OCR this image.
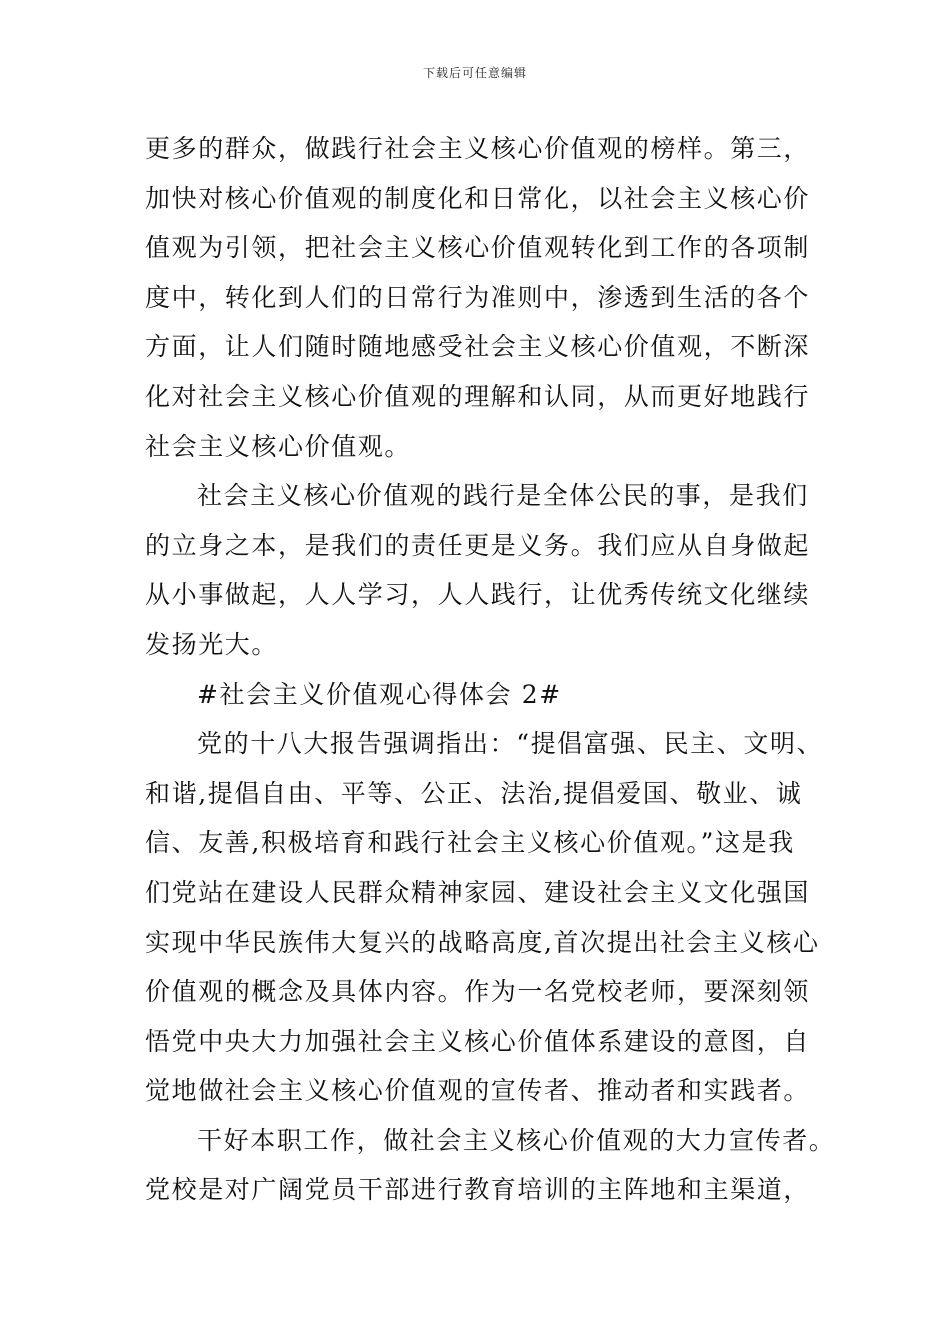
下载后可任意编辑
更多的群众，做践行社会主义核心价值观的榜样。第三，
加快对核心价值观的制度化和日常化，以社会主义核心价
值观为引领，把社会主义核心价值观转化到工作的各项制
度中，转化到人们的日常行为准则中，渗透到生活的各个
方面，让人们随时随地感受社会主义核心价值观，不断深
化对社会主义核心价值观的理解和认同，从而更好地践行
社会主义核心价值观。
社会主义核心价值观的践行是全体公民的事，是我们
的立身之本，是我们的责任更是义务。我们应从自身做起
从小事做起，人人学习，人人践行，让优秀传统文化继续
发扬光大。
#社会主义价值观心得体会 2#
党的十八大报告强调指出：“提倡富强、民主、文明、
和谐,提倡自由、平等、公正、法治,提倡爱国、敬业、诚
信、友善,积极培育和践行社会主义核心价值观。”这是我
们党站在建设人民群众精神家园、建设社会主义文化强国
实现中华民族伟大复兴的战略高度,首次提出社会主义核心
价值观的概念及具体内容。作为一名党校老师，要深刻领
悟党中央大力加强社会主义核心价值体系建设的意图，自
觉地做社会主义核心价值观的宣传者、推动者和实践者。
干好本职工作，做社会主义核心价值观的大力宣传者。
党校是对广阔党员干部进行教育培训的主阵地和主渠道，
